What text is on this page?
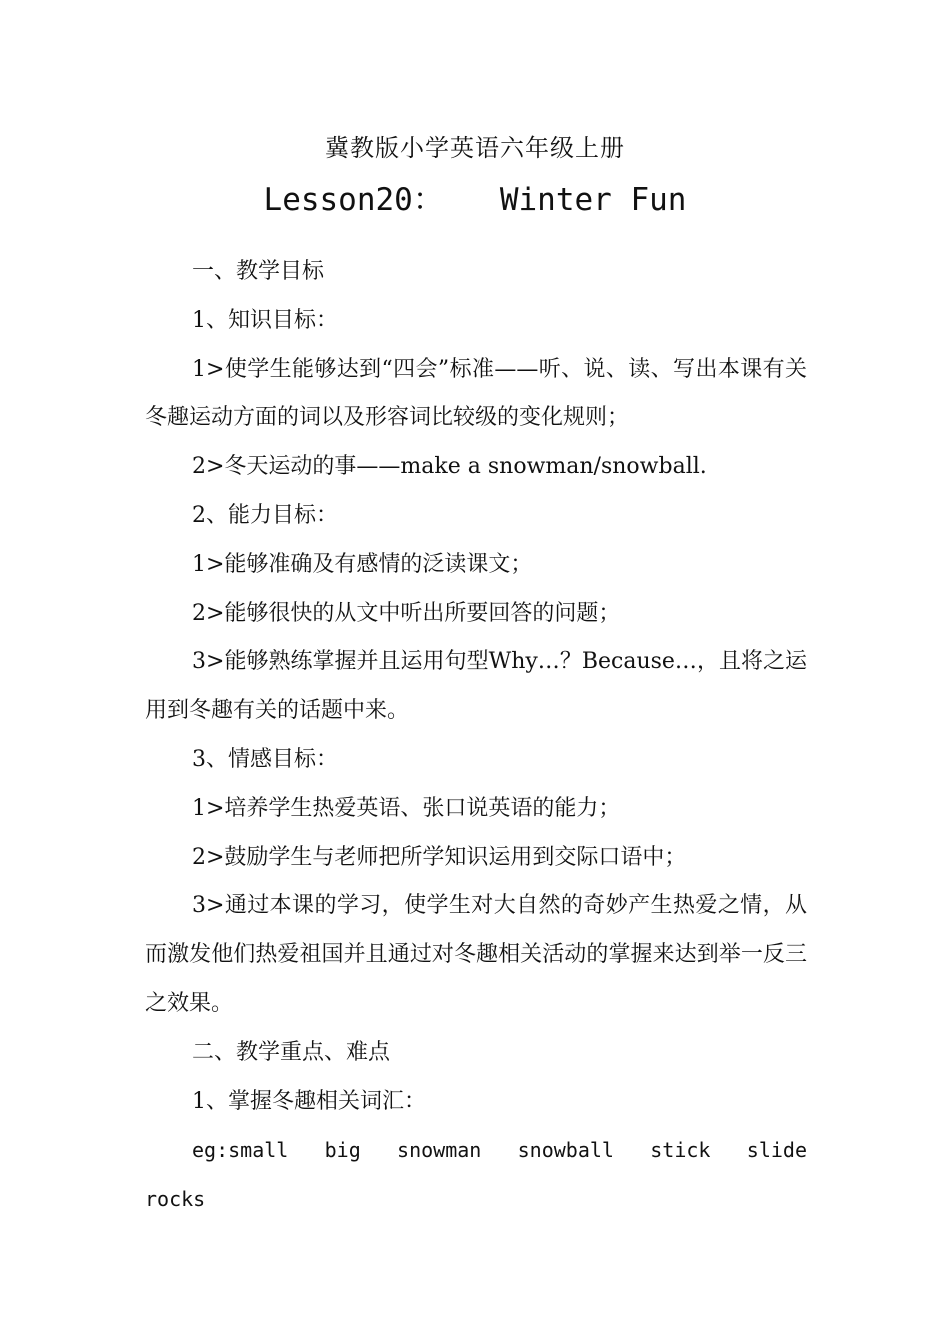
冀教版小学英语六年级上册
Lesson20：   Winter Fun

一、教学目标

1、知识目标：

1>使学生能够达到“四会”标准——听、说、读、写出本课有关冬趣运动方面的词以及形容词比较级的变化规则；

2>冬天运动的事——make a snowman/snowball.

2、能力目标：

1>能够准确及有感情的泛读课文；

2>能够很快的从文中听出所要回答的问题；

3>能够熟练掌握并且运用句型Why…？Because…，且将之运用到冬趣有关的话题中来。

3、情感目标：

1>培养学生热爱英语、张口说英语的能力；

2>鼓励学生与老师把所学知识运用到交际口语中；

3>通过本课的学习，使学生对大自然的奇妙产生热爱之情，从而激发他们热爱祖国并且通过对冬趣相关活动的掌握来达到举一反三之效果。

二、教学重点、难点

1、掌握冬趣相关词汇：

eg:small big snowman snowball stick slide
rocks
